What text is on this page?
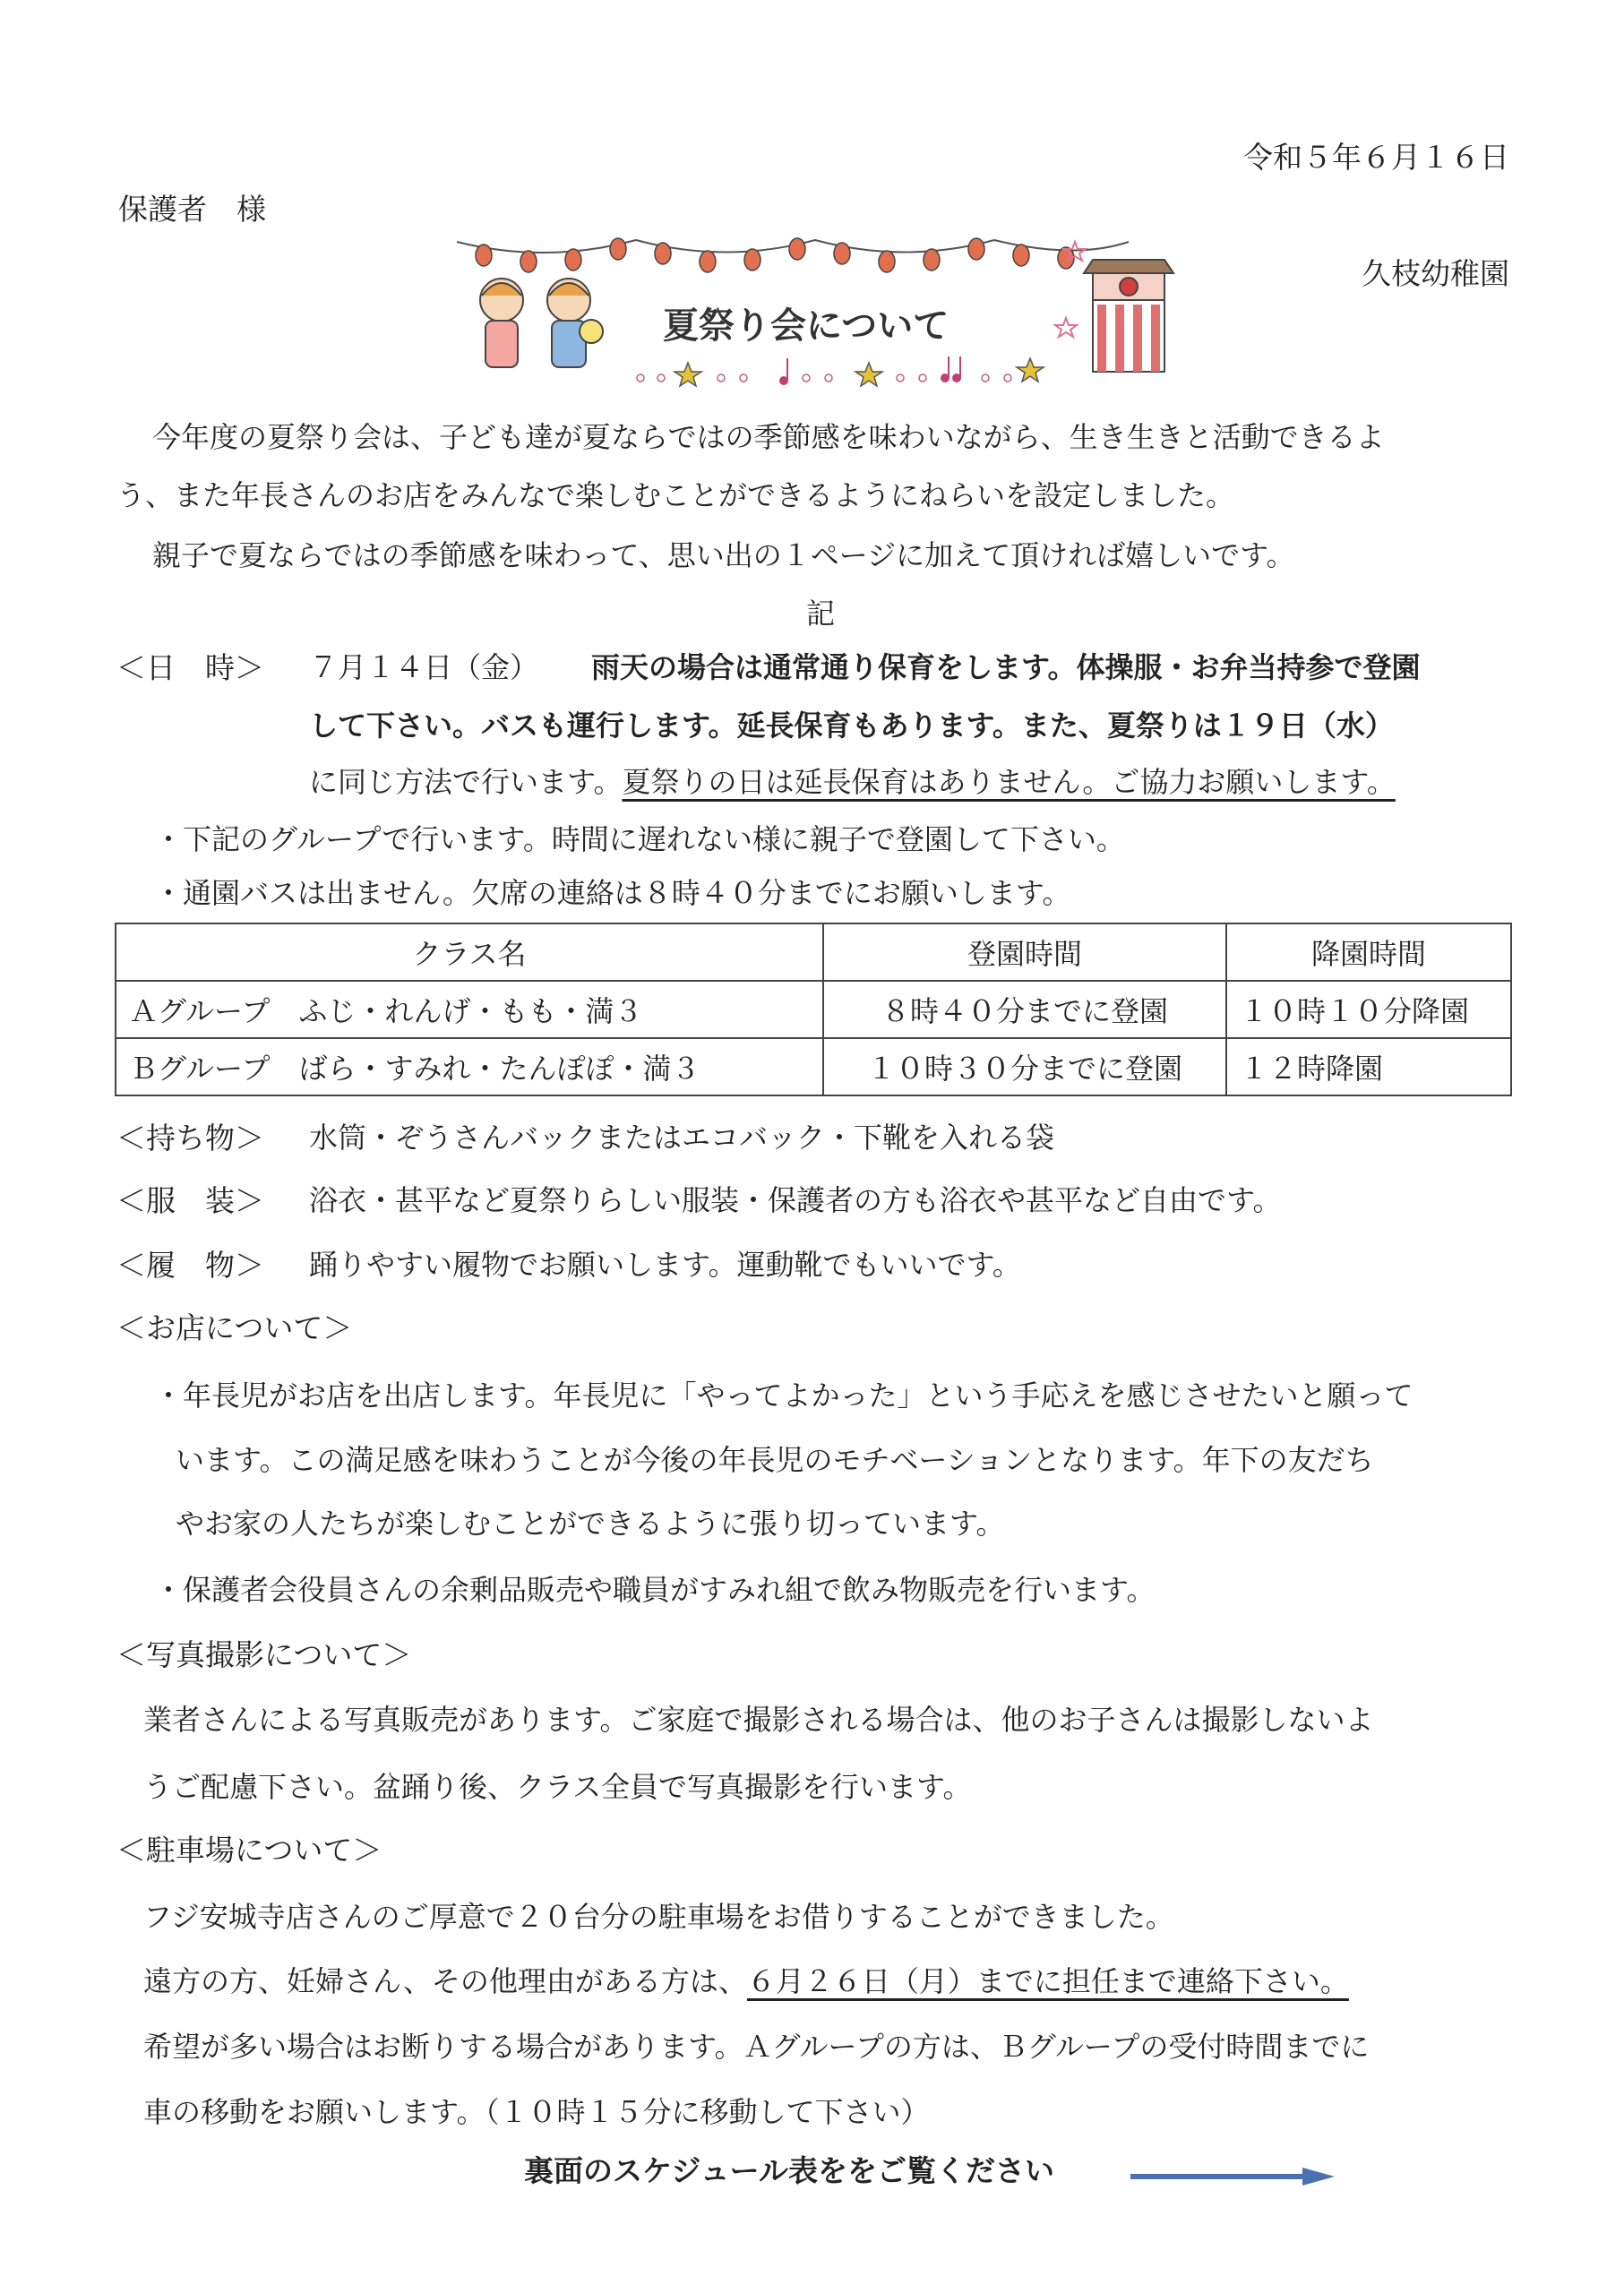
令和５年６月１６日
保護者　様
久枝幼稚園
夏祭り会について
今年度の夏祭り会は、子ども達が夏ならではの季節感を味わいながら、生き生きと活動できるよ
う、また年長さんのお店をみんなで楽しむことができるようにねらいを設定しました。
親子で夏ならではの季節感を味わって、思い出の１ページに加えて頂ければ嬉しいです。
記
＜日　時＞ ７月１４日（金） 雨天の場合は通常通り保育をします。体操服・お弁当持参で登園
して下さい。バスも運行します。延長保育もあります。また、夏祭りは１９日（水）
に同じ方法で行います。夏祭りの日は延長保育はありません。ご協力お願いします。
・下記のグループで行います。時間に遅れない様に親子で登園して下さい。
・通園バスは出ません。欠席の連絡は８時４０分までにお願いします。
クラス名	登園時間	降園時間
Ａグループ　ふじ・れんげ・もも・満３	８時４０分までに登園	１０時１０分降園
Ｂグループ　ばら・すみれ・たんぽぽ・満３	１０時３０分までに登園	１２時降園
＜持ち物＞ 水筒・ぞうさんバックまたはエコバック・下靴を入れる袋
＜服　装＞ 浴衣・甚平など夏祭りらしい服装・保護者の方も浴衣や甚平など自由です。
＜履　物＞ 踊りやすい履物でお願いします。運動靴でもいいです。
＜お店について＞
・年長児がお店を出店します。年長児に「やってよかった」という手応えを感じさせたいと願って
います。この満足感を味わうことが今後の年長児のモチベーションとなります。年下の友だち
やお家の人たちが楽しむことができるように張り切っています。
・保護者会役員さんの余剰品販売や職員がすみれ組で飲み物販売を行います。
＜写真撮影について＞
業者さんによる写真販売があります。ご家庭で撮影される場合は、他のお子さんは撮影しないよ
うご配慮下さい。盆踊り後、クラス全員で写真撮影を行います。
＜駐車場について＞
フジ安城寺店さんのご厚意で２０台分の駐車場をお借りすることができました。
遠方の方、妊婦さん、その他理由がある方は、６月２６日（月）までに担任まで連絡下さい。
希望が多い場合はお断りする場合があります。Ａグループの方は、Ｂグループの受付時間までに
車の移動をお願いします。（１０時１５分に移動して下さい）
裏面のスケジュール表ををご覧ください
